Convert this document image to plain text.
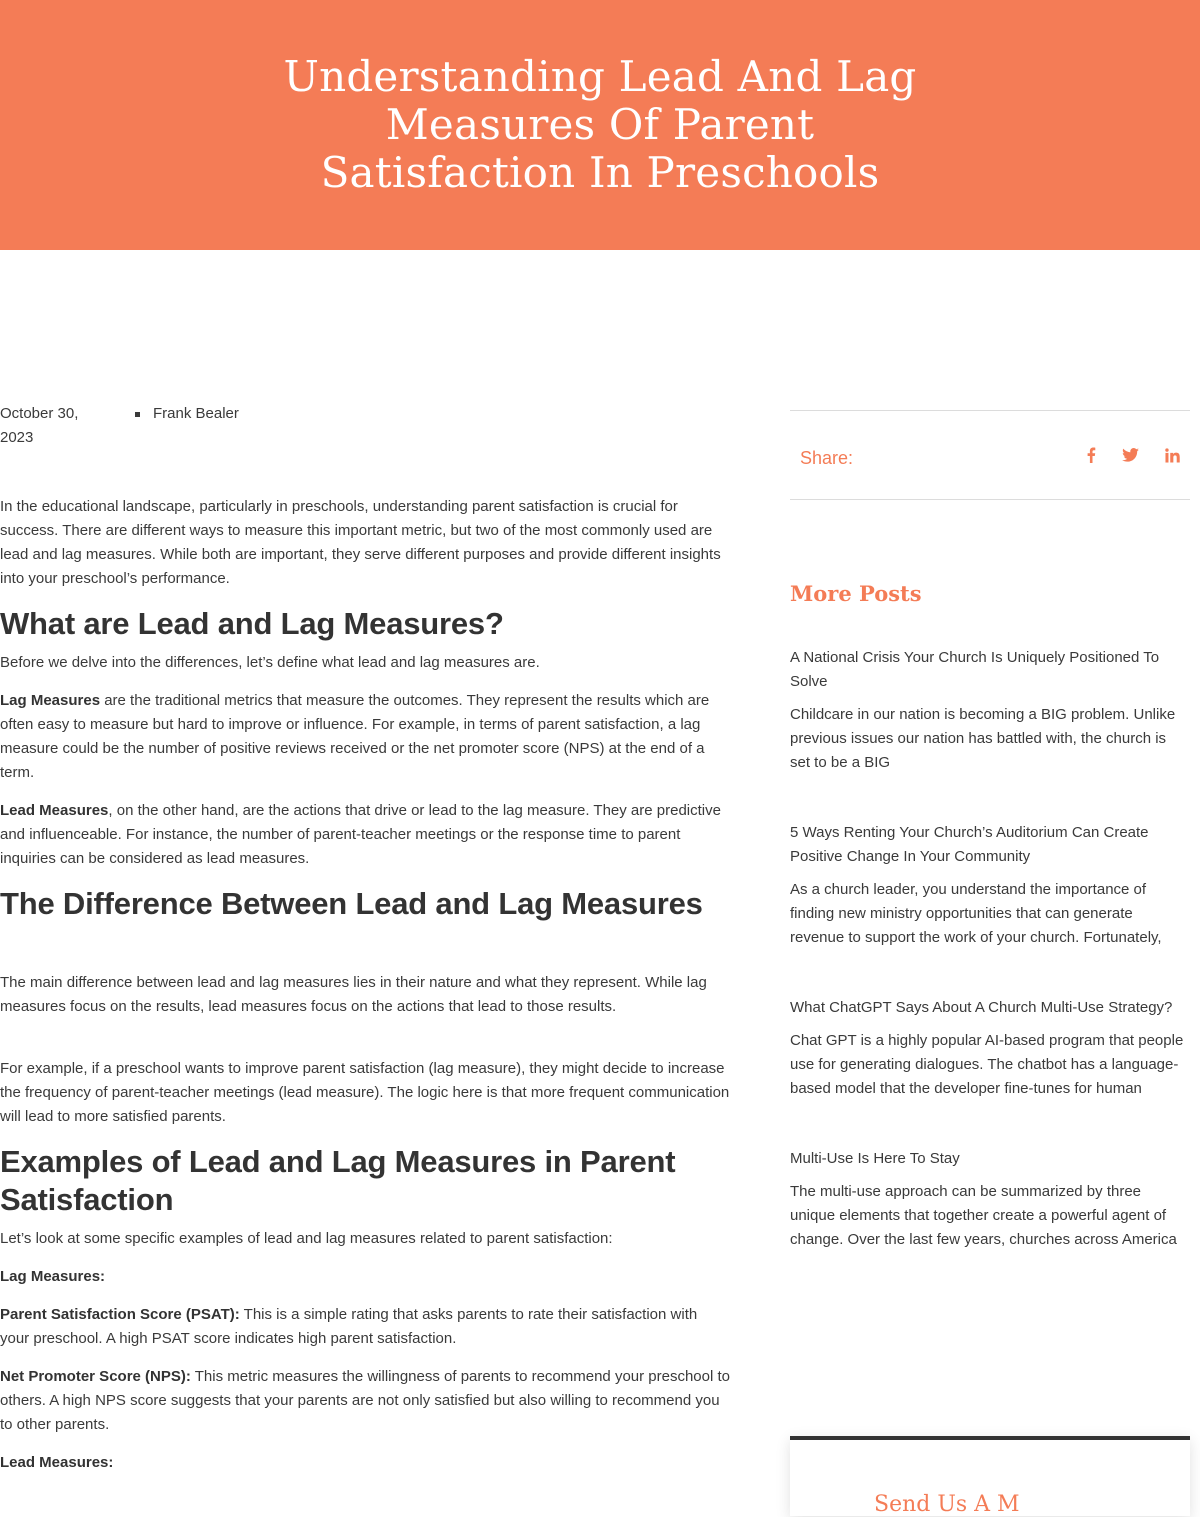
Understanding Lead And Lag Measures Of Parent Satisfaction In Preschools
October 30, 2023
Frank Bealer

In the educational landscape, particularly in preschools, understanding parent satisfaction is crucial for success. There are different ways to measure this important metric, but two of the most commonly used are lead and lag measures. While both are important, they serve different purposes and provide different insights into your preschool’s performance.

What are Lead and Lag Measures?

Before we delve into the differences, let’s define what lead and lag measures are.

Lag Measures are the traditional metrics that measure the outcomes. They represent the results which are often easy to measure but hard to improve or influence. For example, in terms of parent satisfaction, a lag measure could be the number of positive reviews received or the net promoter score (NPS) at the end of a term.

Lead Measures, on the other hand, are the actions that drive or lead to the lag measure. They are predictive and influenceable. For instance, the number of parent-teacher meetings or the response time to parent inquiries can be considered as lead measures.

The Difference Between Lead and Lag Measures

The main difference between lead and lag measures lies in their nature and what they represent. While lag measures focus on the results, lead measures focus on the actions that lead to those results.

For example, if a preschool wants to improve parent satisfaction (lag measure), they might decide to increase the frequency of parent-teacher meetings (lead measure). The logic here is that more frequent communication will lead to more satisfied parents.

Examples of Lead and Lag Measures in Parent Satisfaction

Let’s look at some specific examples of lead and lag measures related to parent satisfaction:

Lag Measures:

Parent Satisfaction Score (PSAT): This is a simple rating that asks parents to rate their satisfaction with your preschool. A high PSAT score indicates high parent satisfaction.

Net Promoter Score (NPS): This metric measures the willingness of parents to recommend your preschool to others. A high NPS score suggests that your parents are not only satisfied but also willing to recommend you to other parents.

Lead Measures:

Share:
More Posts
A National Crisis Your Church Is Uniquely Positioned To Solve
Childcare in our nation is becoming a BIG problem. Unlike previous issues our nation has battled with, the church is set to be a BIG
5 Ways Renting Your Church’s Auditorium Can Create Positive Change In Your Community
As a church leader, you understand the importance of finding new ministry opportunities that can generate revenue to support the work of your church. Fortunately,
What ChatGPT Says About A Church Multi-Use Strategy?
Chat GPT is a highly popular AI-based program that people use for generating dialogues. The chatbot has a language-based model that the developer fine-tunes for human
Multi-Use Is Here To Stay
The multi-use approach can be summarized by three unique elements that together create a powerful agent of change. Over the last few years, churches across America
Send Us A M
